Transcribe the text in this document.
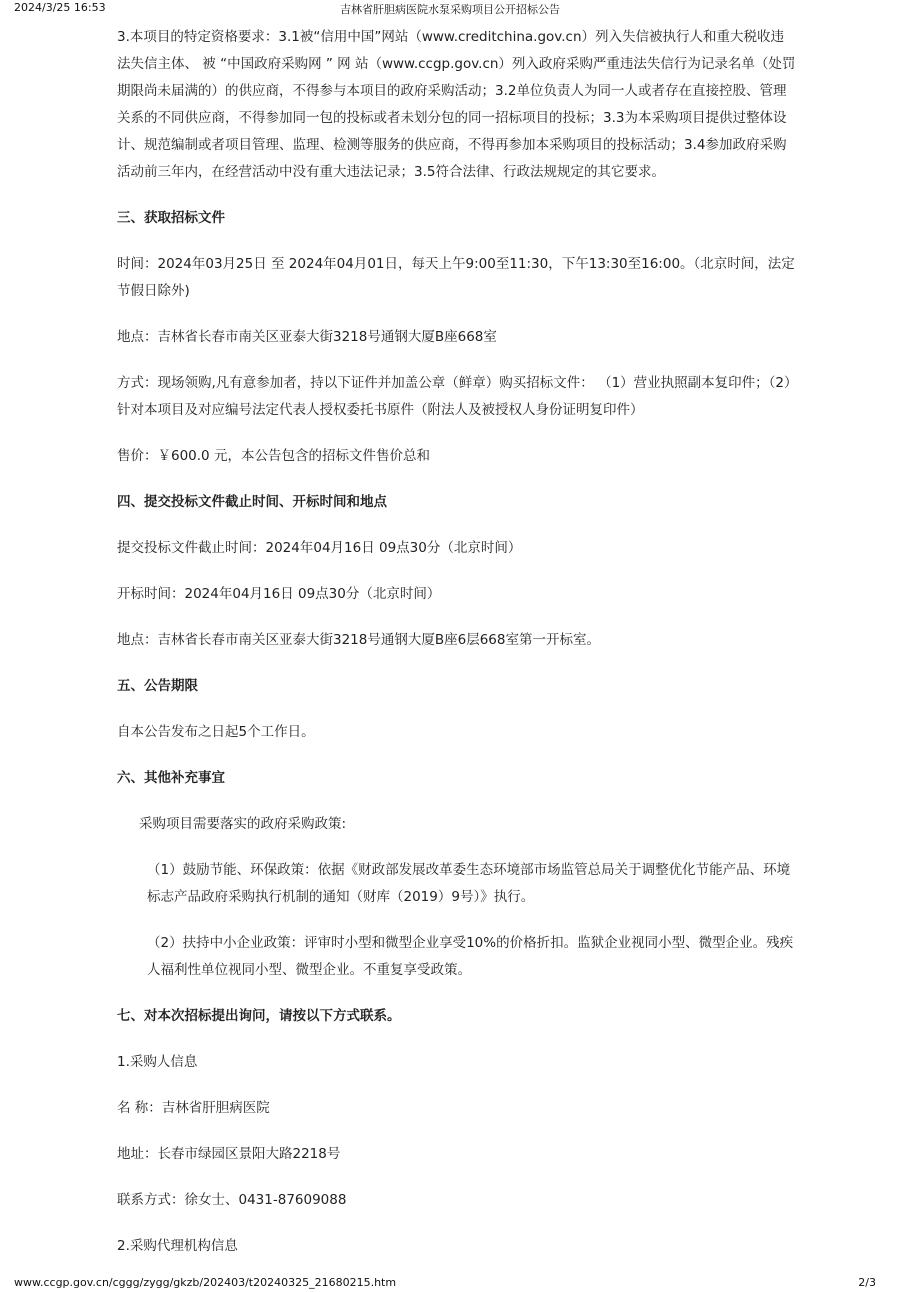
2024/3/25 16:53	吉林省肝胆病医院水泵采购项目公开招标公告

3.本项目的特定资格要求：3.1被“信用中国”网站（www.creditchina.gov.cn）列入失信被执行人和重大税收违法失信主体、 被 “中国政府采购网 ” 网 站（www.ccgp.gov.cn）列入政府采购严重违法失信行为记录名单（处罚期限尚未届满的）的供应商，不得参与本项目的政府采购活动；3.2单位负责人为同一人或者存在直接控股、管理关系的不同供应商，不得参加同一包的投标或者未划分包的同一招标项目的投标；3.3为本采购项目提供过整体设计、规范编制或者项目管理、监理、检测等服务的供应商，不得再参加本采购项目的投标活动；3.4参加政府采购活动前三年内，在经营活动中没有重大违法记录；3.5符合法律、行政法规规定的其它要求。

三、获取招标文件

时间：2024年03月25日 至 2024年04月01日，每天上午9:00至11:30，下午13:30至16:00。（北京时间，法定节假日除外)

地点：吉林省长春市南关区亚泰大街3218号通钢大厦B座668室

方式：现场领购,凡有意参加者，持以下证件并加盖公章（鲜章）购买招标文件： （1）营业执照副本复印件；（2）针对本项目及对应编号法定代表人授权委托书原件（附法人及被授权人身份证明复印件）

售价：￥600.0 元，本公告包含的招标文件售价总和

四、提交投标文件截止时间、开标时间和地点

提交投标文件截止时间：2024年04月16日 09点30分（北京时间）

开标时间：2024年04月16日 09点30分（北京时间）

地点：吉林省长春市南关区亚泰大街3218号通钢大厦B座6层668室第一开标室。

五、公告期限

自本公告发布之日起5个工作日。

六、其他补充事宜

采购项目需要落实的政府采购政策:

（1）鼓励节能、环保政策：依据《财政部发展改革委生态环境部市场监管总局关于调整优化节能产品、环境标志产品政府采购执行机制的通知（财库（2019）9号）》执行。

（2）扶持中小企业政策：评审时小型和微型企业享受10%的价格折扣。监狱企业视同小型、微型企业。残疾人福利性单位视同小型、微型企业。不重复享受政策。

七、对本次招标提出询问，请按以下方式联系。

1.采购人信息

名 称：吉林省肝胆病医院

地址：长春市绿园区景阳大路2218号

联系方式：徐女士、0431-87609088

2.采购代理机构信息

www.ccgp.gov.cn/cggg/zygg/gkzb/202403/t20240325_21680215.htm	2/3
